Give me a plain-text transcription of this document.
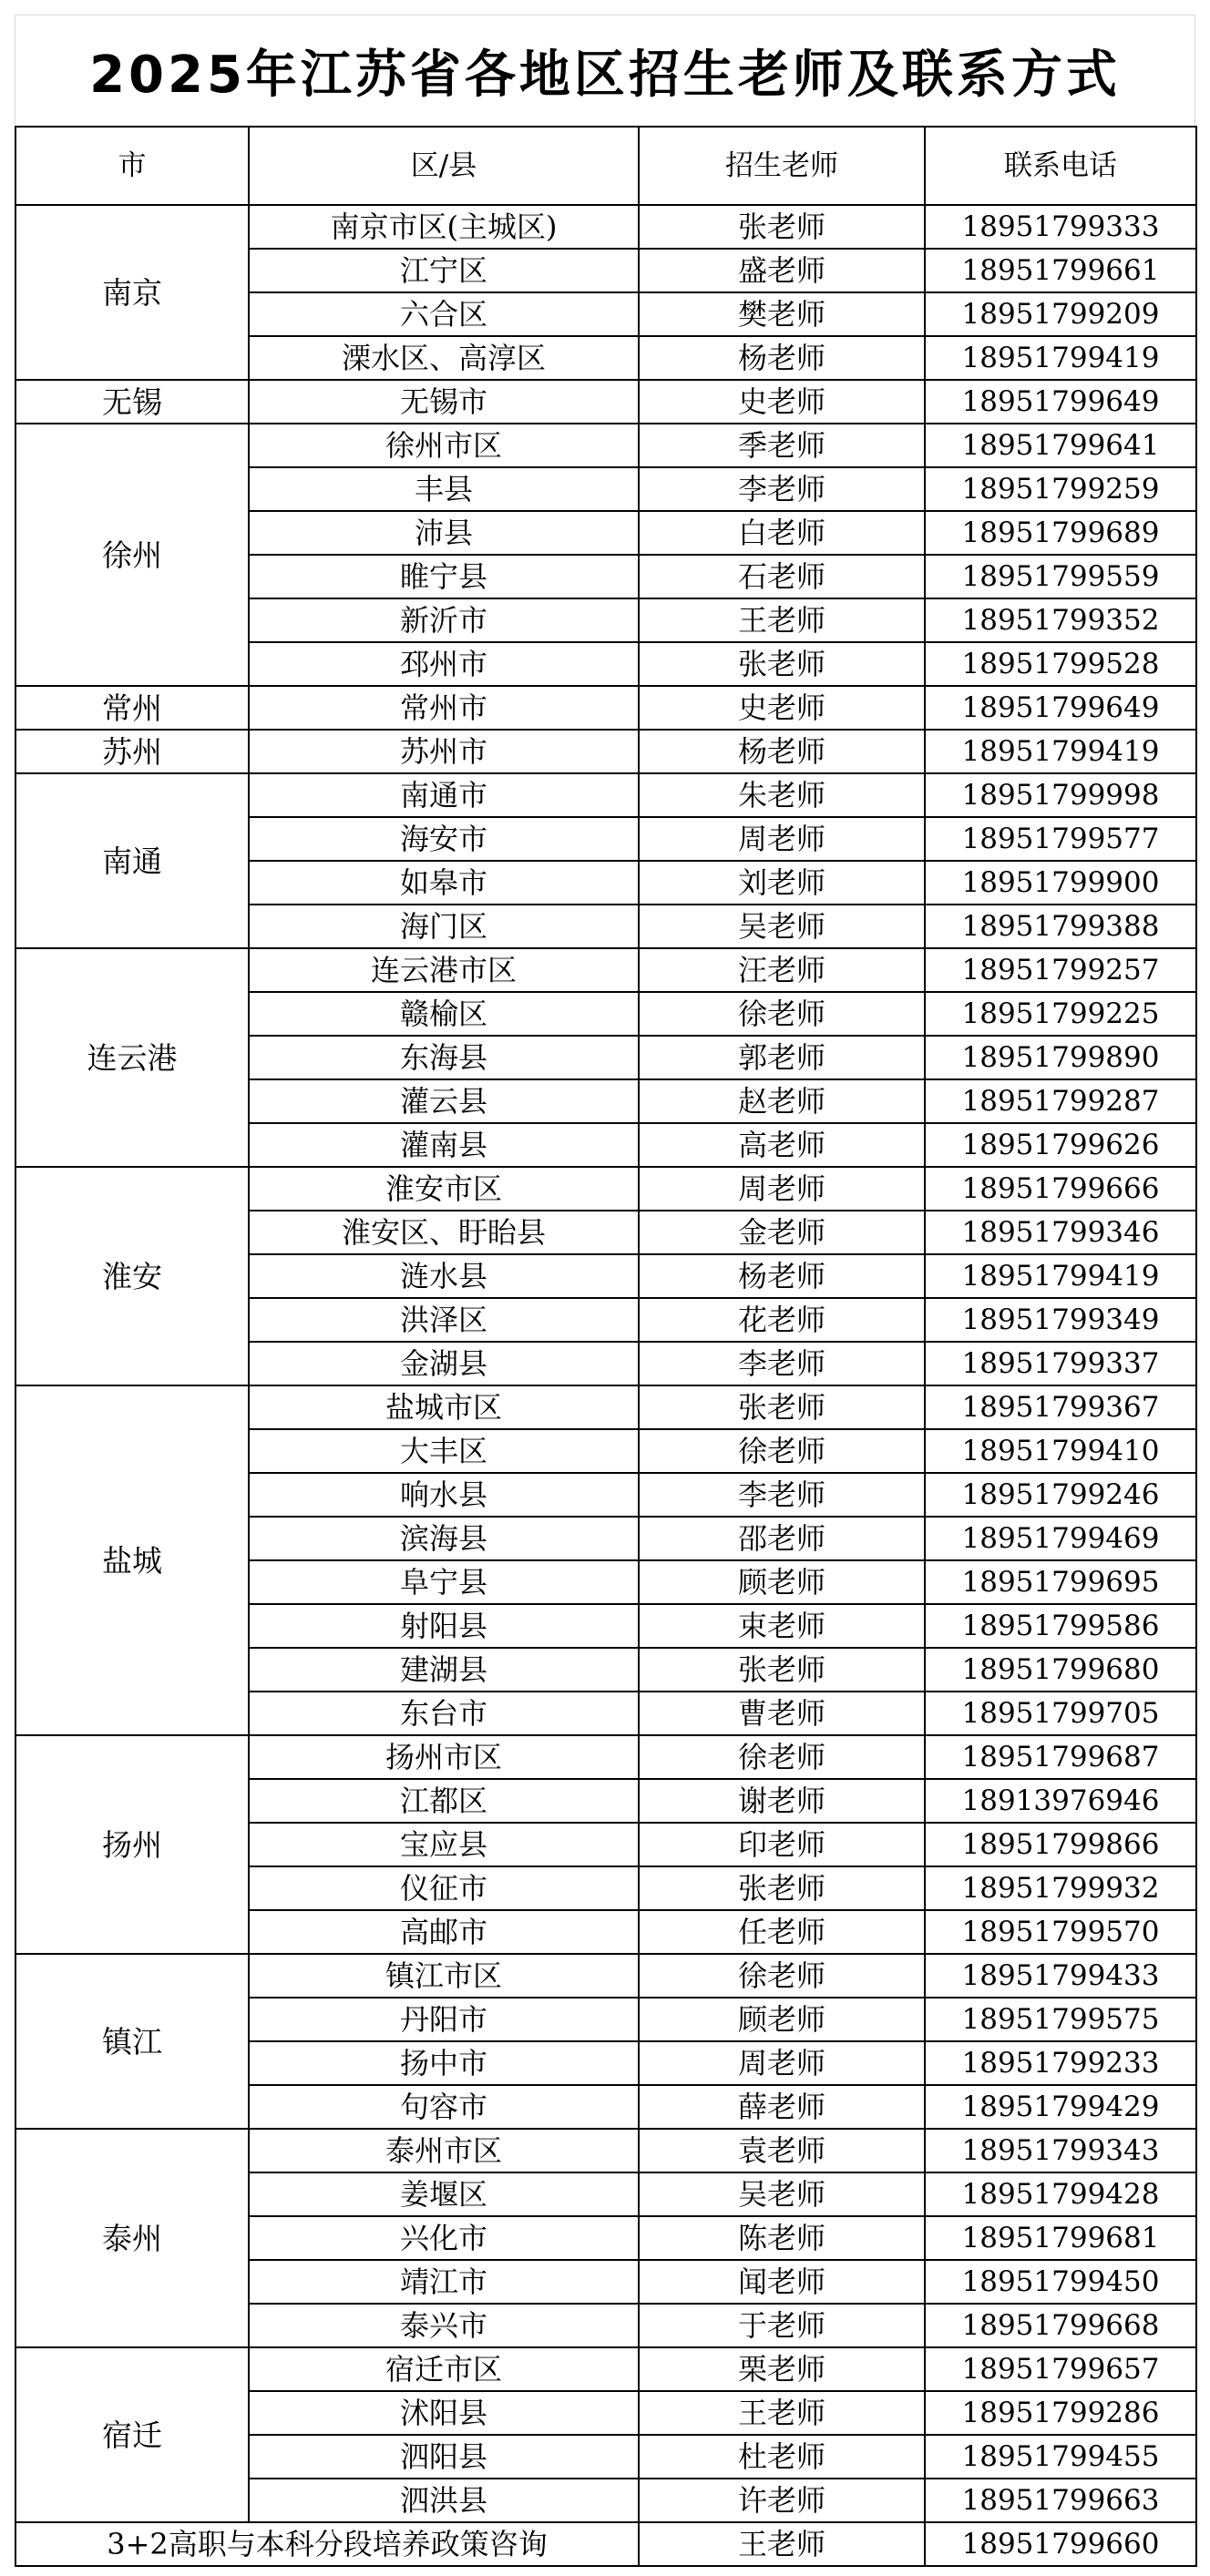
2025年江苏省各地区招生老师及联系方式
市	区/县	招生老师	联系电话
南京	南京市区(主城区)	张老师	18951799333
	江宁区	盛老师	18951799661
	六合区	樊老师	18951799209
	溧水区、高淳区	杨老师	18951799419
无锡	无锡市	史老师	18951799649
徐州	徐州市区	季老师	18951799641
	丰县	李老师	18951799259
	沛县	白老师	18951799689
	睢宁县	石老师	18951799559
	新沂市	王老师	18951799352
	邳州市	张老师	18951799528
常州	常州市	史老师	18951799649
苏州	苏州市	杨老师	18951799419
南通	南通市	朱老师	18951799998
	海安市	周老师	18951799577
	如皋市	刘老师	18951799900
	海门区	吴老师	18951799388
连云港	连云港市区	汪老师	18951799257
	赣榆区	徐老师	18951799225
	东海县	郭老师	18951799890
	灌云县	赵老师	18951799287
	灌南县	高老师	18951799626
淮安	淮安市区	周老师	18951799666
	淮安区、盱眙县	金老师	18951799346
	涟水县	杨老师	18951799419
	洪泽区	花老师	18951799349
	金湖县	李老师	18951799337
盐城	盐城市区	张老师	18951799367
	大丰区	徐老师	18951799410
	响水县	李老师	18951799246
	滨海县	邵老师	18951799469
	阜宁县	顾老师	18951799695
	射阳县	束老师	18951799586
	建湖县	张老师	18951799680
	东台市	曹老师	18951799705
扬州	扬州市区	徐老师	18951799687
	江都区	谢老师	18913976946
	宝应县	印老师	18951799866
	仪征市	张老师	18951799932
	高邮市	任老师	18951799570
镇江	镇江市区	徐老师	18951799433
	丹阳市	顾老师	18951799575
	扬中市	周老师	18951799233
	句容市	薛老师	18951799429
泰州	泰州市区	袁老师	18951799343
	姜堰区	吴老师	18951799428
	兴化市	陈老师	18951799681
	靖江市	闻老师	18951799450
	泰兴市	于老师	18951799668
宿迁	宿迁市区	栗老师	18951799657
	沭阳县	王老师	18951799286
	泗阳县	杜老师	18951799455
	泗洪县	许老师	18951799663
3+2高职与本科分段培养政策咨询		王老师	18951799660
